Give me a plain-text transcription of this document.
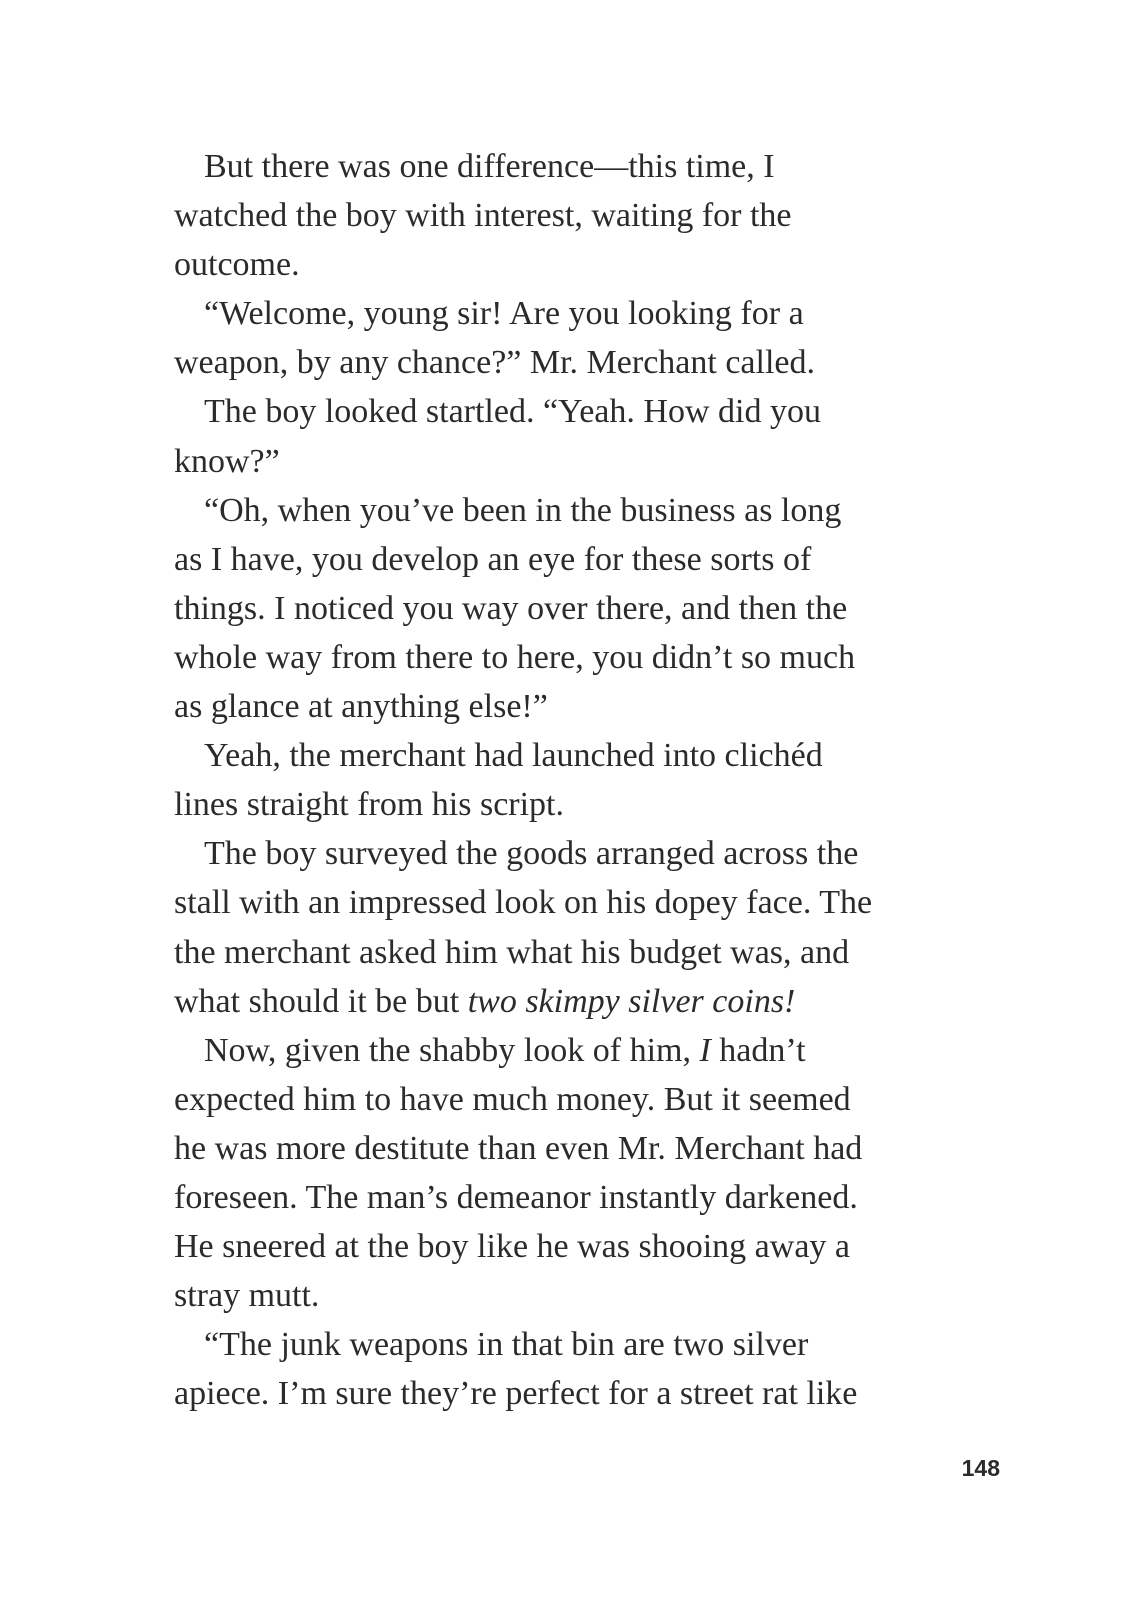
But there was one difference—this time, I
watched the boy with interest, waiting for the
outcome.
“Welcome, young sir! Are you looking for a
weapon, by any chance?” Mr. Merchant called.
The boy looked startled. “Yeah. How did you
know?”
“Oh, when you’ve been in the business as long
as I have, you develop an eye for these sorts of
things. I noticed you way over there, and then the
whole way from there to here, you didn’t so much
as glance at anything else!”
Yeah, the merchant had launched into clichéd
lines straight from his script.
The boy surveyed the goods arranged across the
stall with an impressed look on his dopey face. The
the merchant asked him what his budget was, and
what should it be but two skimpy silver coins!
Now, given the shabby look of him, I hadn’t
expected him to have much money. But it seemed
he was more destitute than even Mr. Merchant had
foreseen. The man’s demeanor instantly darkened.
He sneered at the boy like he was shooing away a
stray mutt.
“The junk weapons in that bin are two silver
apiece. I’m sure they’re perfect for a street rat like
148
